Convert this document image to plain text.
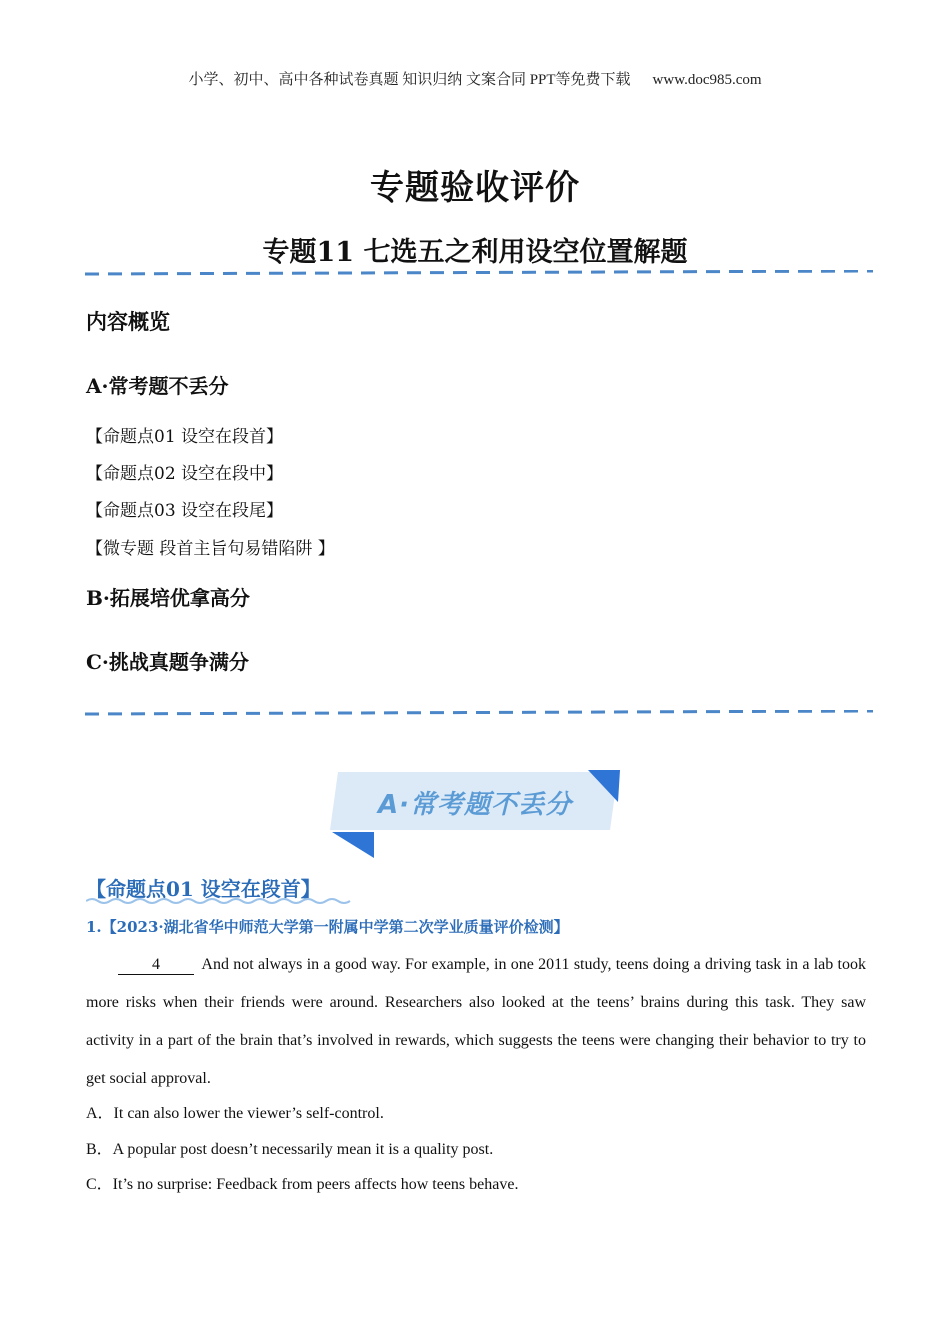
小学、初中、高中各种试卷真题 知识归纳 文案合同 PPT等免费下载 www.doc985.com
专题验收评价
专题11 七选五之利用设空位置解题
内容概览
A·常考题不丢分
【命题点01 设空在段首】
【命题点02 设空在段中】
【命题点03 设空在段尾】
【微专题 段首主旨句易错陷阱 】
B·拓展培优拿高分
C·挑战真题争满分
A·常考题不丢分
【命题点01 设空在段首】
1.【2023·湖北省华中师范大学第一附属中学第二次学业质量评价检测】
4	And not always in a good way. For example, in one 2011 study, teens doing a driving task in a lab took more risks when their friends were around. Researchers also looked at the teens’ brains during this task. They saw activity in a part of the brain that’s involved in rewards, which suggests the teens were changing their behavior to try to get social approval.
A．It can also lower the viewer’s self-control.
B．A popular post doesn’t necessarily mean it is a quality post.
C．It’s no surprise: Feedback from peers affects how teens behave.
